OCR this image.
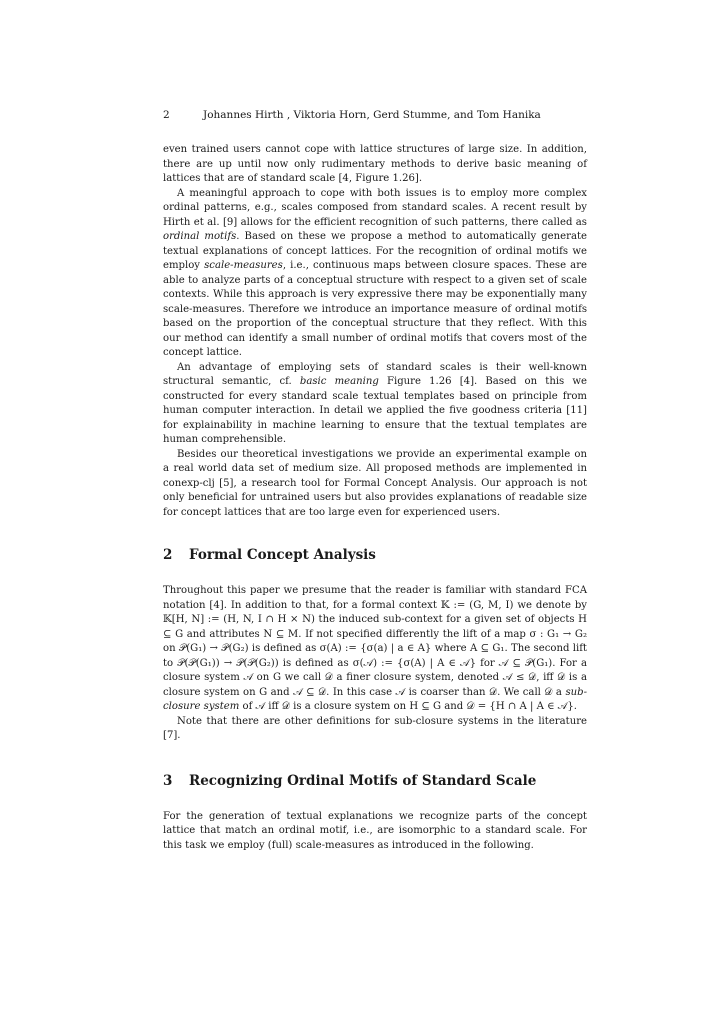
2	Johannes Hirth , Viktoria Horn, Gerd Stumme, and Tom Hanika

even trained users cannot cope with lattice structures of large size. In addition, there are up until now only rudimentary methods to derive basic meaning of lattices that are of standard scale [4, Figure 1.26].

A meaningful approach to cope with both issues is to employ more complex ordinal patterns, e.g., scales composed from standard scales. A recent result by Hirth et al. [9] allows for the efficient recognition of such patterns, there called as ordinal motifs. Based on these we propose a method to automatically generate textual explanations of concept lattices. For the recognition of ordinal motifs we employ scale-measures, i.e., continuous maps between closure spaces. These are able to analyze parts of a conceptual structure with respect to a given set of scale contexts. While this approach is very expressive there may be exponentially many scale-measures. Therefore we introduce an importance measure of ordinal motifs based on the proportion of the conceptual structure that they reflect. With this our method can identify a small number of ordinal motifs that covers most of the concept lattice.

An advantage of employing sets of standard scales is their well-known structural semantic, cf. basic meaning Figure 1.26 [4]. Based on this we constructed for every standard scale textual templates based on principle from human computer interaction. In detail we applied the five goodness criteria [11] for explainability in machine learning to ensure that the textual templates are human comprehensible.

Besides our theoretical investigations we provide an experimental example on a real world data set of medium size. All proposed methods are implemented in conexp-clj [5], a research tool for Formal Concept Analysis. Our approach is not only beneficial for untrained users but also provides explanations of readable size for concept lattices that are too large even for experienced users.

2 Formal Concept Analysis

Throughout this paper we presume that the reader is familiar with standard FCA notation [4]. In addition to that, for a formal context 𝕂 := (G, M, I) we denote by 𝕂[H, N] := (H, N, I ∩ H × N) the induced sub-context for a given set of objects H ⊆ G and attributes N ⊆ M. If not specified differently the lift of a map σ : G₁ → G₂ on 𝒫(G₁) → 𝒫(G₂) is defined as σ(A) := {σ(a) | a ∈ A} where A ⊆ G₁. The second lift to 𝒫(𝒫(G₁)) → 𝒫(𝒫(G₂)) is defined as σ(𝒜) := {σ(A) | A ∈ 𝒜} for 𝒜 ⊆ 𝒫(G₁). For a closure system 𝒜 on G we call 𝒟 a finer closure system, denoted 𝒜 ≤ 𝒟, iff 𝒟 is a closure system on G and 𝒜 ⊆ 𝒟. In this case 𝒜 is coarser than 𝒟. We call 𝒟 a sub-closure system of 𝒜 iff 𝒟 is a closure system on H ⊆ G and 𝒟 = {H ∩ A | A ∈ 𝒜}.

Note that there are other definitions for sub-closure systems in the literature [7].

3 Recognizing Ordinal Motifs of Standard Scale

For the generation of textual explanations we recognize parts of the concept lattice that match an ordinal motif, i.e., are isomorphic to a standard scale. For this task we employ (full) scale-measures as introduced in the following.
